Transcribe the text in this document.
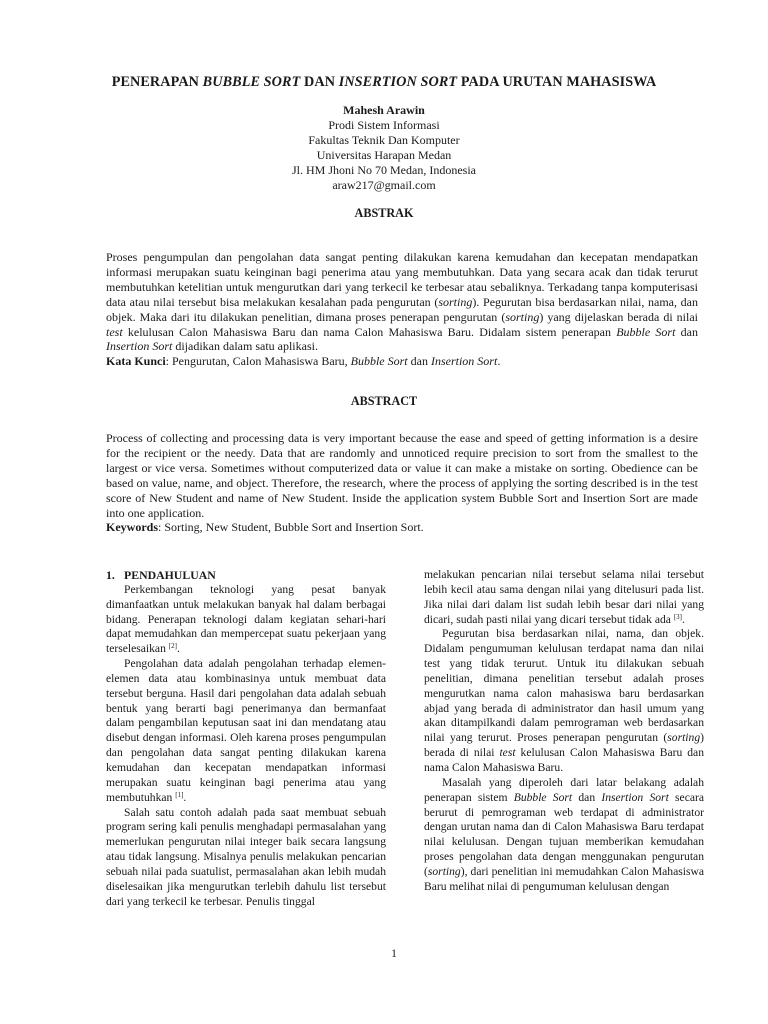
PENERAPAN BUBBLE SORT DAN INSERTION SORT PADA URUTAN MAHASISWA
Mahesh Arawin
Prodi Sistem Informasi
Fakultas Teknik Dan Komputer
Universitas Harapan Medan
Jl. HM Jhoni No 70 Medan, Indonesia
araw217@gmail.com
ABSTRAK

Proses pengumpulan dan pengolahan data sangat penting dilakukan karena kemudahan dan kecepatan mendapatkan informasi merupakan suatu keinginan bagi penerima atau yang membutuhkan. Data yang secara acak dan tidak terurut membutuhkan ketelitian untuk mengurutkan dari yang terkecil ke terbesar atau sebaliknya. Terkadang tanpa komputerisasi data atau nilai tersebut bisa melakukan kesalahan pada pengurutan (sorting). Pegurutan bisa berdasarkan nilai, nama, dan objek. Maka dari itu dilakukan penelitian, dimana proses penerapan pengurutan (sorting) yang dijelaskan berada di nilai test kelulusan Calon Mahasiswa Baru dan nama Calon Mahasiswa Baru. Didalam sistem penerapan Bubble Sort dan Insertion Sort dijadikan dalam satu aplikasi.

Kata Kunci: Pengurutan, Calon Mahasiswa Baru, Bubble Sort dan Insertion Sort.

ABSTRACT

Process of collecting and processing data is very important because the ease and speed of getting information is a desire for the recipient or the needy. Data that are randomly and unnoticed require precision to sort from the smallest to the largest or vice versa. Sometimes without computerized data or value it can make a mistake on sorting. Obedience can be based on value, name, and object. Therefore, the research, where the process of applying the sorting described is in the test score of New Student and name of New Student. Inside the application system Bubble Sort and Insertion Sort are made into one application.

Keywords: Sorting, New Student, Bubble Sort and Insertion Sort.

1. PENDAHULUAN

Perkembangan teknologi yang pesat banyak dimanfaatkan untuk melakukan banyak hal dalam berbagai bidang. Penerapan teknologi dalam kegiatan sehari-hari dapat memudahkan dan mempercepat suatu pekerjaan yang terselesaikan [2].

Pengolahan data adalah pengolahan terhadap elemen-elemen data atau kombinasinya untuk membuat data tersebut berguna. Hasil dari pengolahan data adalah sebuah bentuk yang berarti bagi penerimanya dan bermanfaat dalam pengambilan keputusan saat ini dan mendatang atau disebut dengan informasi. Oleh karena proses pengumpulan dan pengolahan data sangat penting dilakukan karena kemudahan dan kecepatan mendapatkan informasi merupakan suatu keinginan bagi penerima atau yang membutuhkan [1].

Salah satu contoh adalah pada saat membuat sebuah program sering kali penulis menghadapi permasalahan yang memerlukan pengurutan nilai integer baik secara langsung atau tidak langsung. Misalnya penulis melakukan pencarian sebuah nilai pada suatulist, permasalahan akan lebih mudah diselesaikan jika mengurutkan terlebih dahulu list tersebut dari yang terkecil ke terbesar. Penulis tinggal

melakukan pencarian nilai tersebut selama nilai tersebut lebih kecil atau sama dengan nilai yang ditelusuri pada list. Jika nilai dari dalam list sudah lebih besar dari nilai yang dicari, sudah pasti nilai yang dicari tersebut tidak ada [3].

Pegurutan bisa berdasarkan nilai, nama, dan objek. Didalam pengumuman kelulusan terdapat nama dan nilai test yang tidak terurut. Untuk itu dilakukan sebuah penelitian, dimana penelitian tersebut adalah proses mengurutkan nama calon mahasiswa baru berdasarkan abjad yang berada di administrator dan hasil umum yang akan ditampilkandi dalam pemrograman web berdasarkan nilai yang terurut. Proses penerapan pengurutan (sorting) berada di nilai test kelulusan Calon Mahasiswa Baru dan nama Calon Mahasiswa Baru.

Masalah yang diperoleh dari latar belakang adalah penerapan sistem Bubble Sort dan Insertion Sort secara berurut di pemrograman web terdapat di administrator dengan urutan nama dan di Calon Mahasiswa Baru terdapat nilai kelulusan. Dengan tujuan memberikan kemudahan proses pengolahan data dengan menggunakan pengurutan (sorting), dari penelitian ini memudahkan Calon Mahasiswa Baru melihat nilai di pengumuman kelulusan dengan

1
